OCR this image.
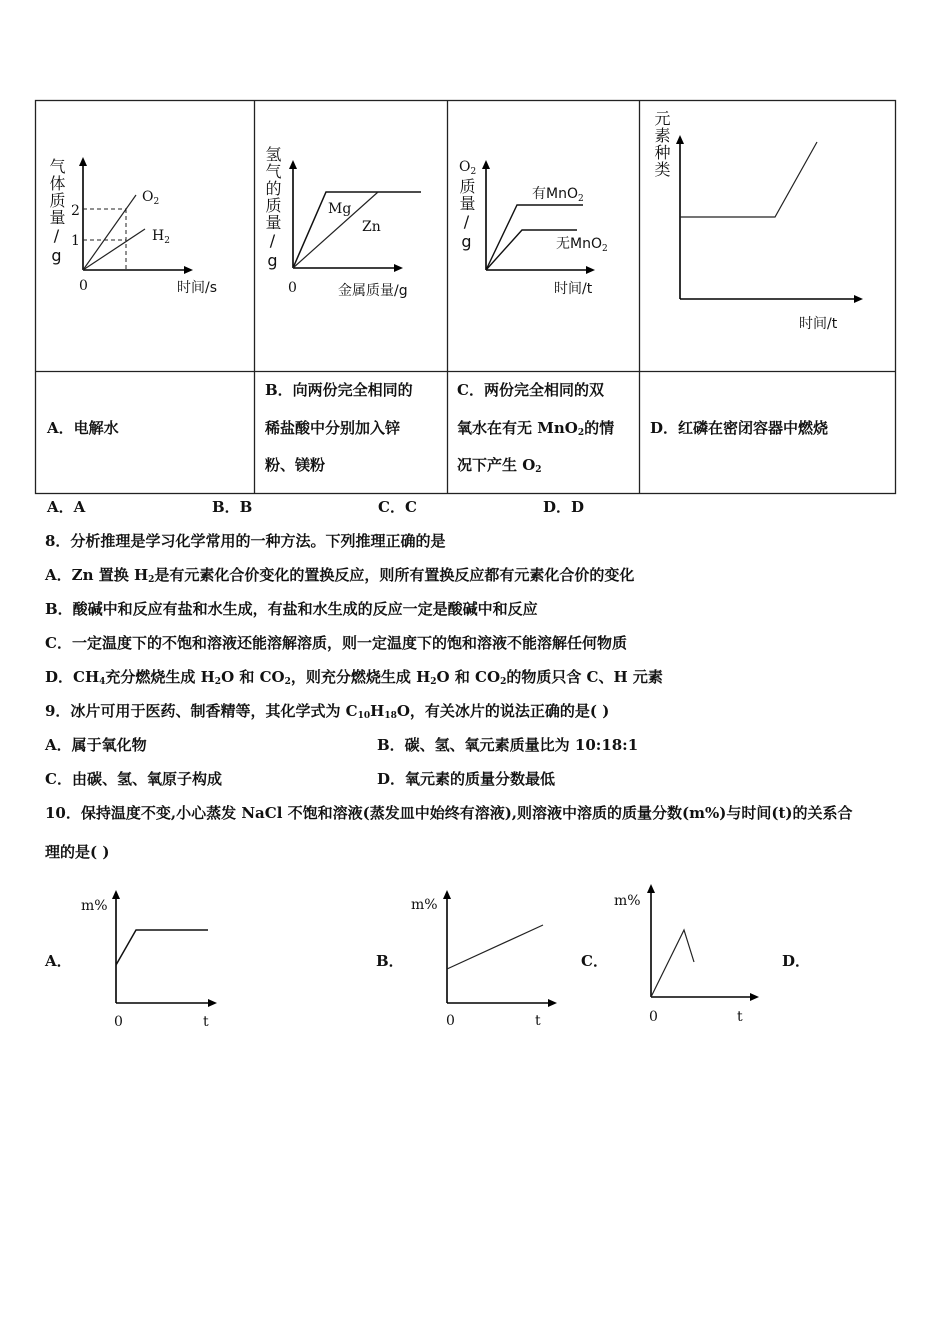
2
1
0	时间/s
$O_2$
$H_2$
Mg
Zn
0	金属质量/g
$O_2$
有MnO$_2$
无MnO$_2$
时间/t
时间/t
气体质量/g	氢气的质量/g	质量/g
元素种类
A．电解水
B．向两份完全相同的
稀盐酸中分别加入锌
粉、镁粉
C．两份完全相同的双
氧水在有无 MnO$_2$的情
况下产生 $O_2$
D．红磷在密闭容器中燃烧
8．分析推理是学习化学常用的一种方法。下列推理正确的是
A．Zn 置换 $H_2$是有元素化合价变化的置换反应，则所有置换反应都有元素化合价的变化
B．酸碱中和反应有盐和水生成，有盐和水生成的反应一定是酸碱中和反应
C．一定温度下的不饱和溶液还能溶解溶质，则一定温度下的饱和溶液不能溶解任何物质
D．$CH_4$充分燃烧生成 $H_2O$ 和 $CO_2$，则充分燃烧生成 $H_2O$ 和 $CO_2$的物质只含 C、H 元素
9．冰片可用于医药、制香精等，其化学式为 $C_{10}H_{18}O$，有关冰片的说法正确的是( )
A．属于氧化物	B．碳、氢、氧元素质量比为 10:18:1
C．由碳、氢、氧原子构成	D．氧元素的质量分数最低
10．保持温度不变,小心蒸发 NaCl 不饱和溶液(蒸发皿中始终有溶液),则溶液中溶质的质量分数(m%)与时间(t)的关系合
理的是( )
A．A	B．B	C．C	D．D
m%
0	t
m%
0	t
m%
0	t
A．	B．	C．	D．
